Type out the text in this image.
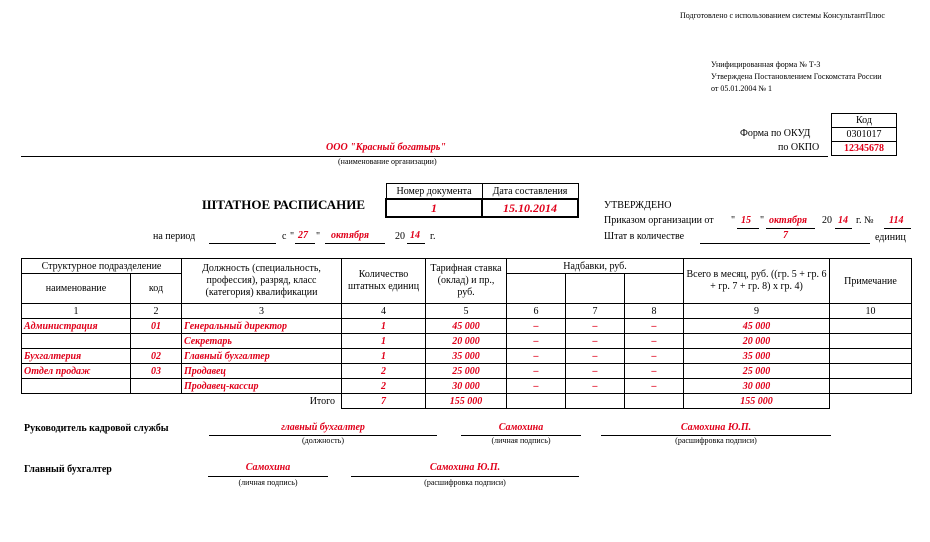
Подготовлено с использованием системы КонсультантПлюс
Унифицированная форма № Т-3
Утверждена Постановлением Госкомстата России
от 05.01.2004 № 1
Код
0301017
12345678
Форма по ОКУД
по ОКПО
ООО "Красный богатырь"
(наименование организации)
ШТАТНОЕ РАСПИСАНИЕ
Номер документа	Дата составления
1	15.10.2014	УТВЕРЖДЕНО
Приказом организации от " 15 " октября 20 14 г. № 114
Штат в количестве	7	единиц
на период	с " 27 " октября	20 14 г.
Структурное подразделение		Должность (специальность, профессия), разряд, класс (категория) квалификации	Количество штатных единиц	Тарифная ставка (оклад) и пр., руб.	Надбавки, руб.			Всего в месяц, руб. ((гр. 5 + гр. 6 + гр. 7 + гр. 8) х гр. 4)	Примечание
наименование	код								
1	2	3	4	5	6	7	8	9	10
Администрация	01	Генеральный директор	1	45 000	–	–	–	45 000	
		Секретарь	1	20 000	–	–	–	20 000	
Бухгалтерия	02	Главный бухгалтер	1	35 000	–	–	–	35 000	
Отдел продаж	03	Продавец	2	25 000	–	–	–	25 000	
		Продавец-кассир	2	30 000	–	–	–	30 000	
		Итого	7	155 000				155 000	
Руководитель кадровой службы	главный бухгалтер
(должность)
Самохина
(личная подпись)
Самохина Ю.П.
(расшифровка подписи)
Главный бухгалтер	Самохина
(личная подпись)
Самохина Ю.П.
(расшифровка подписи)
